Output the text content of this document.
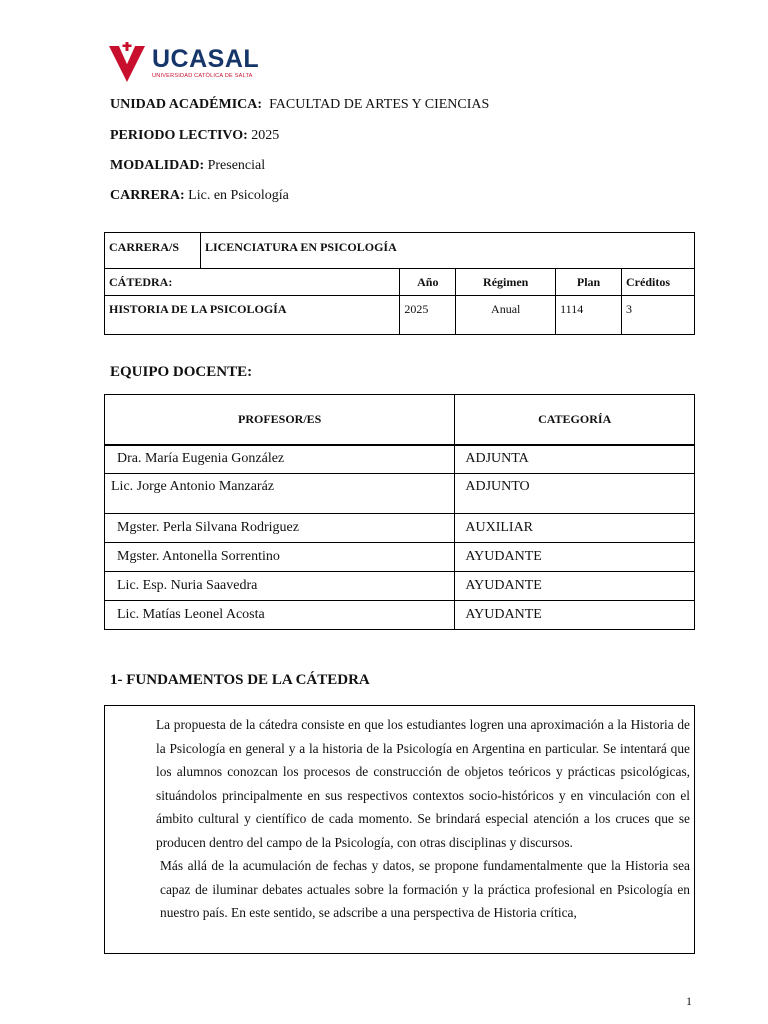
UCASAL
UNIVERSIDAD CATÓLICA DE SALTA
UNIDAD ACADÉMICA: FACULTAD DE ARTES Y CIENCIAS
PERIODO LECTIVO: 2025
MODALIDAD: Presencial
CARRERA: Lic. en Psicología
CARRERA/S	LICENCIATURA EN PSICOLOGÍA				
CÁTEDRA:		Año	Régimen	Plan	Créditos
HISTORIA DE LA PSICOLOGÍA		2025	Anual	1114	3
EQUIPO DOCENTE:
PROFESOR/ES	CATEGORÍA
Dra. María Eugenia González	ADJUNTA
Lic. Jorge Antonio Manzaráz	ADJUNTO
Mgster. Perla Silvana Rodriguez	AUXILIAR
Mgster. Antonella Sorrentino	AYUDANTE
Lic. Esp. Nuria Saavedra	AYUDANTE
Lic. Matías Leonel Acosta	AYUDANTE
1- FUNDAMENTOS DE LA CÁTEDRA

La propuesta de la cátedra consiste en que los estudiantes logren una aproximación a la Historia de la Psicología en general y a la historia de la Psicología en Argentina en particular. Se intentará que los alumnos conozcan los procesos de construcción de objetos teóricos y prácticas psicológicas, situándolos principalmente en sus respectivos contextos socio-históricos y en vinculación con el ámbito cultural y científico de cada momento. Se brindará especial atención a los cruces que se producen dentro del campo de la Psicología, con otras disciplinas y discursos.

Más allá de la acumulación de fechas y datos, se propone fundamentalmente que la Historia sea capaz de iluminar debates actuales sobre la formación y la práctica profesional en Psicología en nuestro país. En este sentido, se adscribe a una perspectiva de Historia crítica,

1
